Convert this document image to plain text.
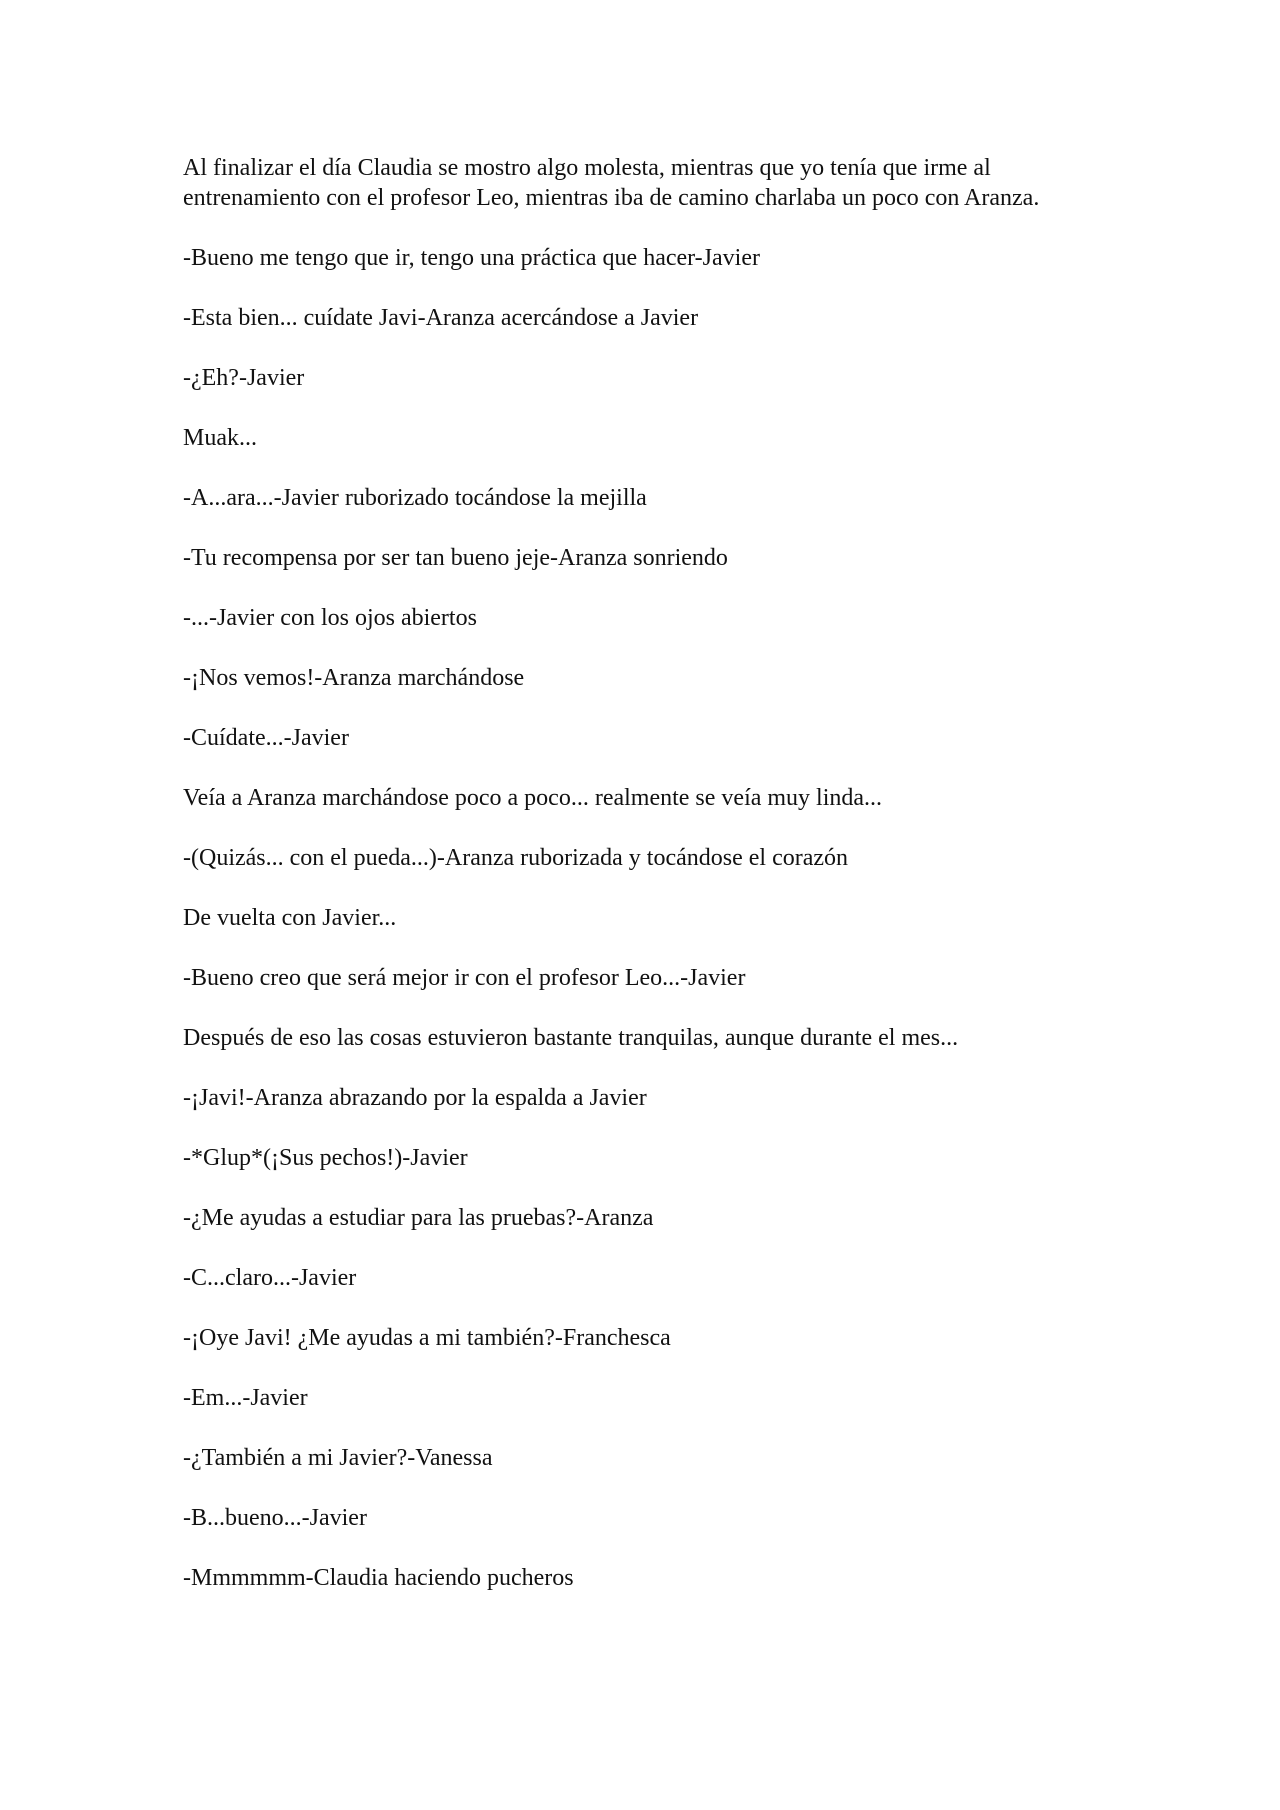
Al finalizar el día Claudia se mostro algo molesta, mientras que yo tenía que irme al entrenamiento con el profesor Leo, mientras iba de camino charlaba un poco con Aranza.

-Bueno me tengo que ir, tengo una práctica que hacer-Javier

-Esta bien... cuídate Javi-Aranza acercándose a Javier

-¿Eh?-Javier

Muak...

-A...ara...-Javier ruborizado tocándose la mejilla

-Tu recompensa por ser tan bueno jeje-Aranza sonriendo

-...-Javier con los ojos abiertos

-¡Nos vemos!-Aranza marchándose

-Cuídate...-Javier

Veía a Aranza marchándose poco a poco... realmente se veía muy linda...

-(Quizás... con el pueda...)-Aranza ruborizada y tocándose el corazón

De vuelta con Javier...

-Bueno creo que será mejor ir con el profesor Leo...-Javier

Después de eso las cosas estuvieron bastante tranquilas, aunque durante el mes...

-¡Javi!-Aranza abrazando por la espalda a Javier

-*Glup*(¡Sus pechos!)-Javier

-¿Me ayudas a estudiar para las pruebas?-Aranza

-C...claro...-Javier

-¡Oye Javi! ¿Me ayudas a mi también?-Franchesca

-Em...-Javier

-¿También a mi Javier?-Vanessa

-B...bueno...-Javier

-Mmmmmm-Claudia haciendo pucheros
